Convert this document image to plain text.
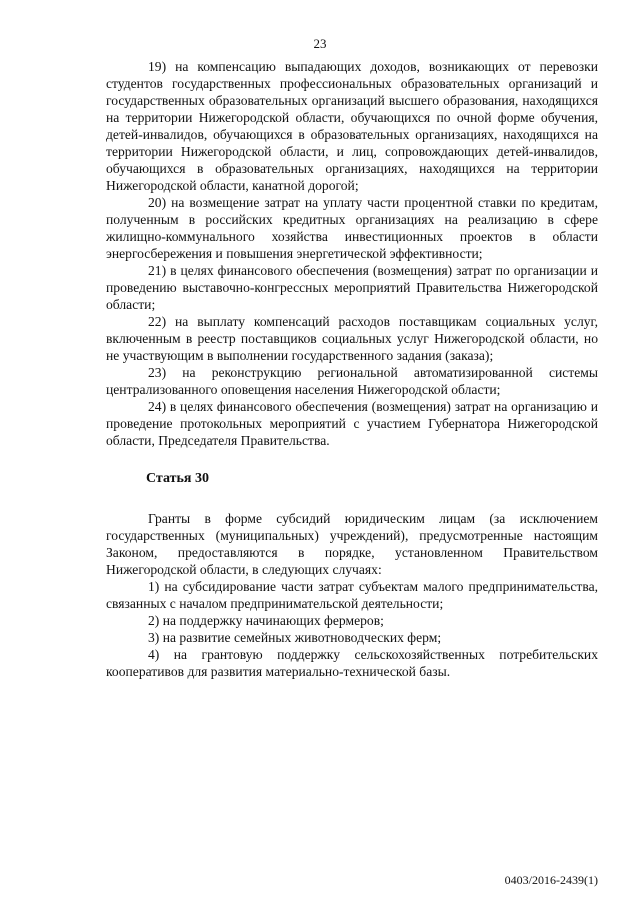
23

19) на компенсацию выпадающих доходов, возникающих от перевозки студентов государственных профессиональных образовательных организаций и государственных образовательных организаций высшего образования, находящихся на территории Нижегородской области, обучающихся по очной форме обучения, детей-инвалидов, обучающихся в образовательных организациях, находящихся на территории Нижегородской области, и лиц, сопровождающих детей-инвалидов, обучающихся в образовательных организациях, находящихся на территории Нижегородской области, канатной дорогой;

20) на возмещение затрат на уплату части процентной ставки по кредитам, полученным в российских кредитных организациях на реализацию в сфере жилищно-коммунального хозяйства инвестиционных проектов в области энергосбережения и повышения энергетической эффективности;

21) в целях финансового обеспечения (возмещения) затрат по организации и проведению выставочно-конгрессных мероприятий Правительства Нижегородской области;

22) на выплату компенсаций расходов поставщикам социальных услуг, включенным в реестр поставщиков социальных услуг Нижегородской области, но не участвующим в выполнении государственного задания (заказа);

23) на реконструкцию региональной автоматизированной системы централизованного оповещения населения Нижегородской области;

24) в целях финансового обеспечения (возмещения) затрат на организацию и проведение протокольных мероприятий с участием Губернатора Нижегородской области, Председателя Правительства.

Статья 30

Гранты в форме субсидий юридическим лицам (за исключением государственных (муниципальных) учреждений), предусмотренные настоящим Законом, предоставляются в порядке, установленном Правительством Нижегородской области, в следующих случаях:

1) на субсидирование части затрат субъектам малого предпринимательства, связанных с началом предпринимательской деятельности;

2) на поддержку начинающих фермеров;

3) на развитие семейных животноводческих ферм;

4) на грантовую поддержку сельскохозяйственных потребительских кооперативов для развития материально-технической базы.

0403/2016-2439(1)
